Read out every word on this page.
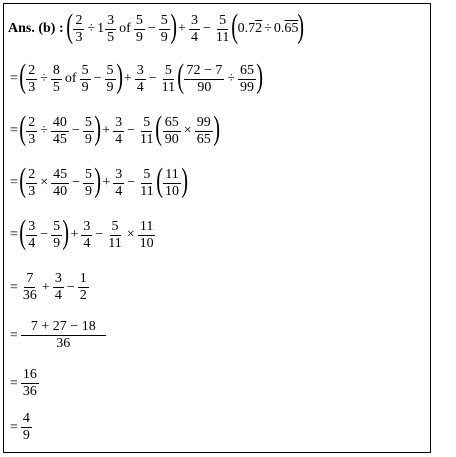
Ans. (b) :
( $\frac{2}{3} \div 1 \frac{3}{5}$ of $\frac{5}{9} - \frac{5}{9}$ ) + $\frac{3}{4} - \frac{5}{11}$ ( 0.72 ÷ 0.65 )
= ( $\frac{2}{3} \div \frac{8}{5}$ of $\frac{5}{9} - \frac{5}{9}$ ) + $\frac{3}{4} - \frac{5}{11}$ ( $\frac{72 - 7}{90} \div \frac{65}{99}$ )
= ( $\frac{2}{3} \div \frac{40}{45} - \frac{5}{9}$ ) + $\frac{3}{4} - \frac{5}{11}$ ( $\frac{65}{90} \times \frac{99}{65}$ )
= ( $\frac{2}{3} \times \frac{45}{40} - \frac{5}{9}$ ) + $\frac{3}{4} - \frac{5}{11}$ ( $\frac{11}{10}$ )
= ( $\frac{3}{4} - \frac{5}{9}$ ) + $\frac{3}{4} - \frac{5}{11} \times \frac{11}{10}$
= $\frac{7}{36} + \frac{3}{4} - \frac{1}{2}$
= $\frac{7 + 27 - 18}{36}$
= $\frac{16}{36}$
= $\frac{4}{9}$
